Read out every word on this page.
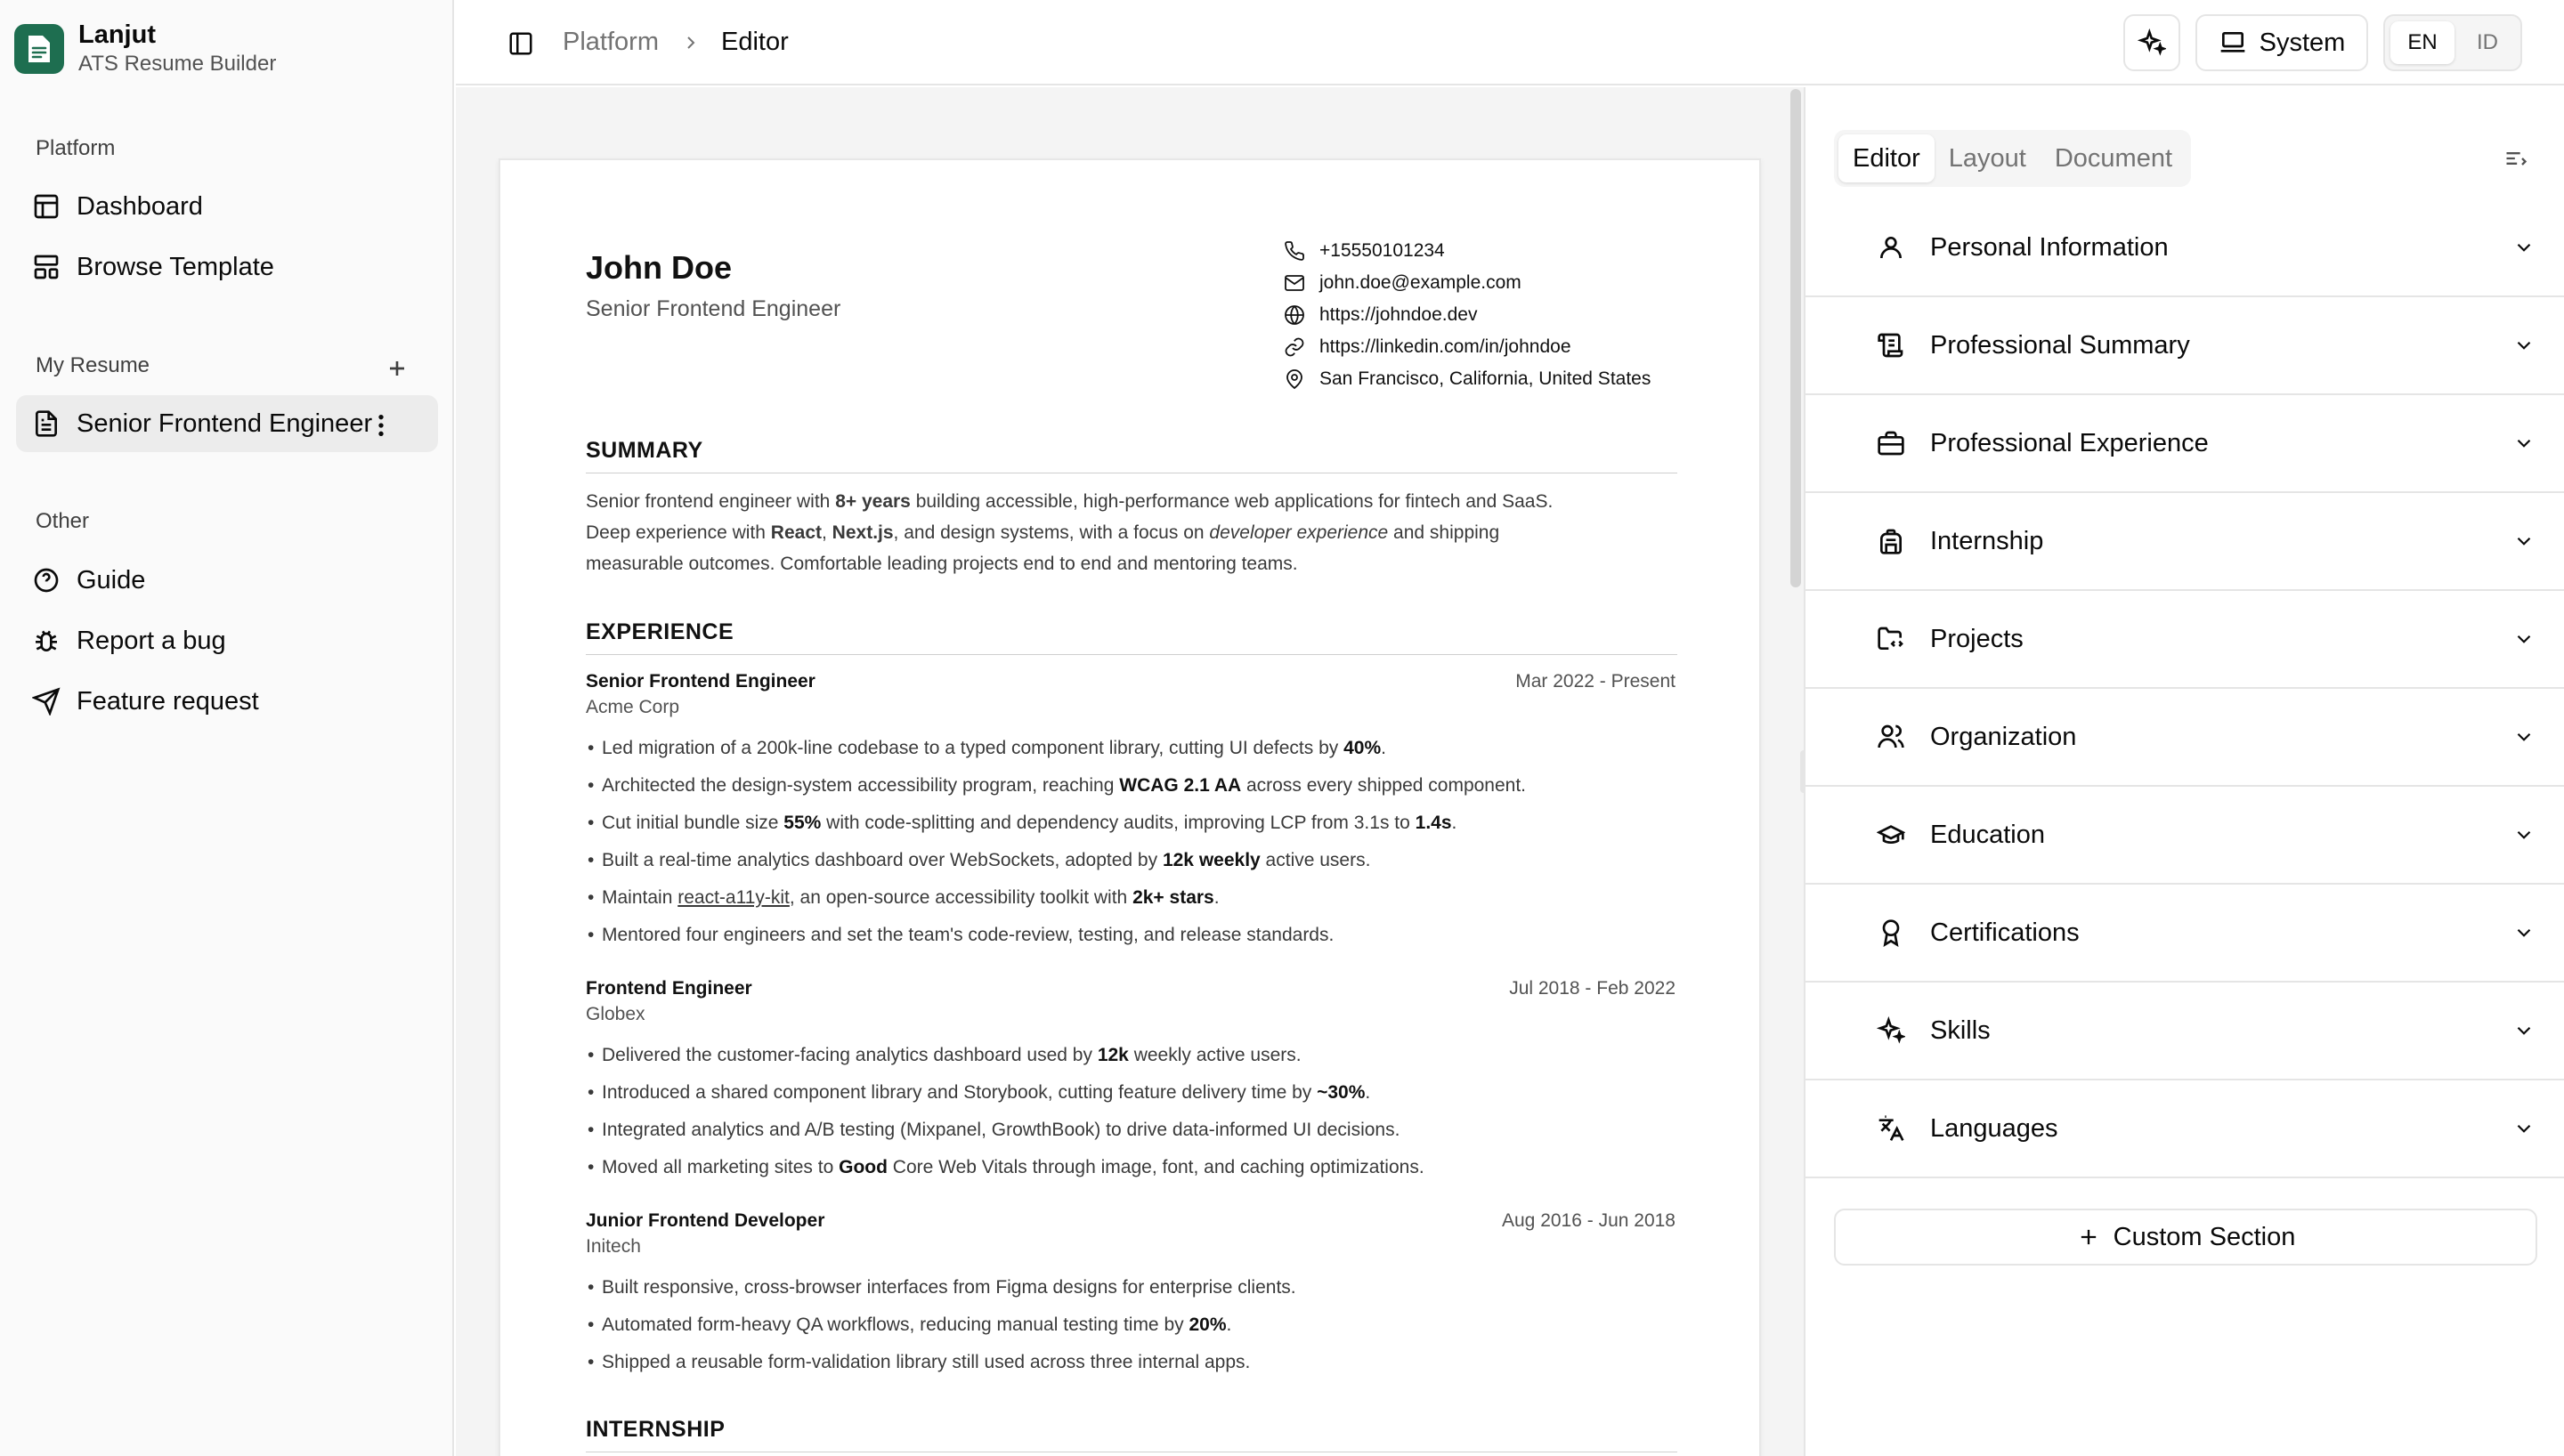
Lanjut
ATS Resume Builder
Platform
Dashboard
Browse Template
My Resume
Senior Frontend Engineer
Other
Guide
Report a bug
Feature request
Platform Editor	System	EN	ID
John Doe
Senior Frontend Engineer
+15550101234
john.doe@example.com
https://johndoe.dev
https://linkedin.com/in/johndoe
San Francisco, California, United States
SUMMARY
Senior frontend engineer with 8+ years building accessible, high-performance web applications for fintech and SaaS.
Deep experience with React, Next.js, and design systems, with a focus on developer experience and shipping
measurable outcomes. Comfortable leading projects end to end and mentoring teams.
EXPERIENCE
Senior Frontend Engineer	Mar 2022 - Present
Acme Corp
• Led migration of a 200k-line codebase to a typed component library, cutting UI defects by 40%.
• Architected the design-system accessibility program, reaching WCAG 2.1 AA across every shipped component.
• Cut initial bundle size 55% with code-splitting and dependency audits, improving LCP from 3.1s to 1.4s.
• Built a real-time analytics dashboard over WebSockets, adopted by 12k weekly active users.
• Maintain react-a11y-kit, an open-source accessibility toolkit with 2k+ stars.
• Mentored four engineers and set the team's code-review, testing, and release standards.
Frontend Engineer	Jul 2018 - Feb 2022
Globex
• Delivered the customer-facing analytics dashboard used by 12k weekly active users.
• Introduced a shared component library and Storybook, cutting feature delivery time by ~30%.
• Integrated analytics and A/B testing (Mixpanel, GrowthBook) to drive data-informed UI decisions.
• Moved all marketing sites to Good Core Web Vitals through image, font, and caching optimizations.
Junior Frontend Developer	Aug 2016 - Jun 2018
Initech
• Built responsive, cross-browser interfaces from Figma designs for enterprise clients.
• Automated form-heavy QA workflows, reducing manual testing time by 20%.
• Shipped a reusable form-validation library still used across three internal apps.
INTERNSHIP
Editor	Layout	Document
Personal Information
Professional Summary
Professional Experience
Internship
Projects
Organization
Education
Certifications
Skills
Languages
Custom Section
